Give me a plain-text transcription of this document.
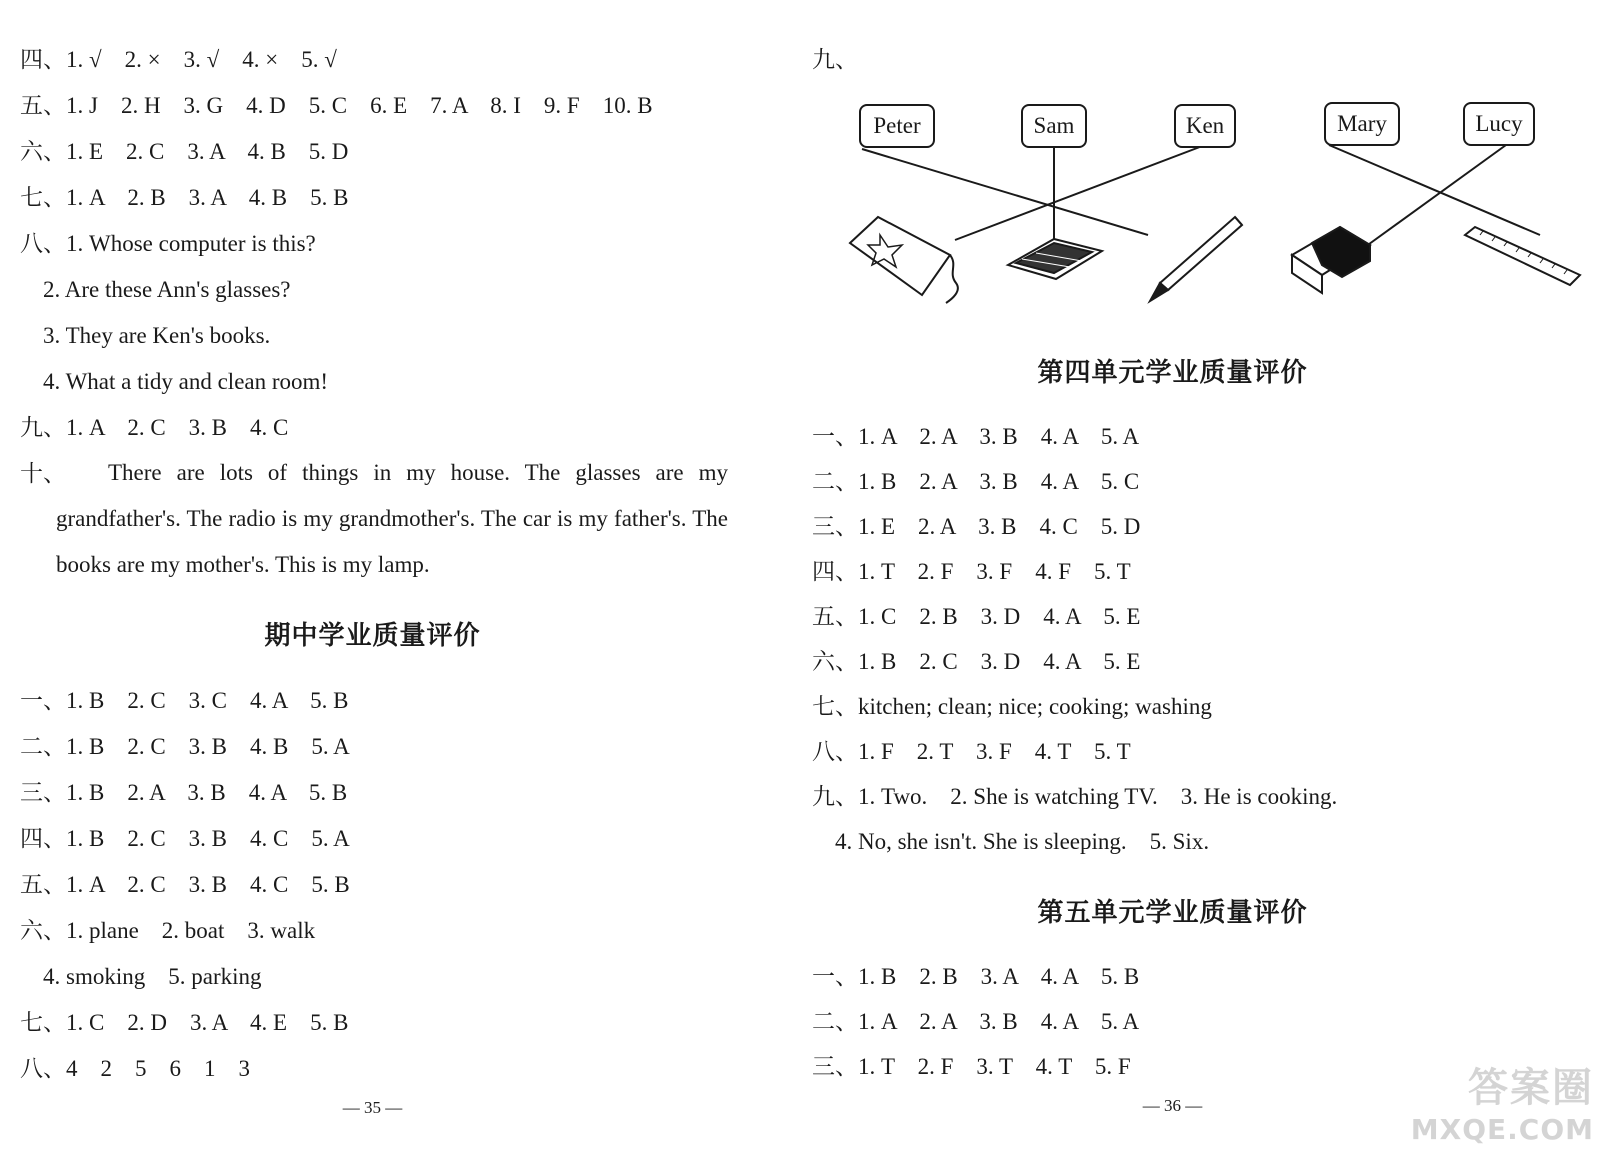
四、1. √    2. ×    3. √    4. ×    5. √
五、1. J    2. H    3. G    4. D    5. C    6. E    7. A    8. I    9. F    10. B
六、1. E    2. C    3. A    4. B    5. D
七、1. A    2. B    3. A    4. B    5. B
八、1. Whose computer is this?
2. Are these Ann's glasses?
3. They are Ken's books.
4. What a tidy and clean room!
九、1. A    2. C    3. B    4. C
十、	There are lots of things in my house. The glasses are my grandfather's. The radio is my grandmother's. The car is my father's. The books are my mother's. This is my lamp.
期中学业质量评价
一、1. B    2. C    3. C    4. A    5. B
二、1. B    2. C    3. B    4. B    5. A
三、1. B    2. A    3. B    4. A    5. B
四、1. B    2. C    3. B    4. C    5. A
五、1. A    2. C    3. B    4. C    5. B
六、1. plane    2. boat    3. walk
4. smoking    5. parking
七、1. C    2. D    3. A    4. E    5. B
八、4    2    5    6    1    3
— 35 —
九、
Peter	Sam	Ken	Mary	Lucy
第四单元学业质量评价
一、1. A    2. A    3. B    4. A    5. A
二、1. B    2. A    3. B    4. A    5. C
三、1. E    2. A    3. B    4. C    5. D
四、1. T    2. F    3. F    4. F    5. T
五、1. C    2. B    3. D    4. A    5. E
六、1. B    2. C    3. D    4. A    5. E
七、kitchen; clean; nice; cooking; washing
八、1. F    2. T    3. F    4. T    5. T
九、1. Two.    2. She is watching TV.    3. He is cooking.
4. No, she isn't. She is sleeping.    5. Six.
第五单元学业质量评价
一、1. B    2. B    3. A    4. A    5. B
二、1. A    2. A    3. B    4. A    5. A
三、1. T    2. F    3. T    4. T    5. F
— 36 —	答案圈
MXQE.COM
